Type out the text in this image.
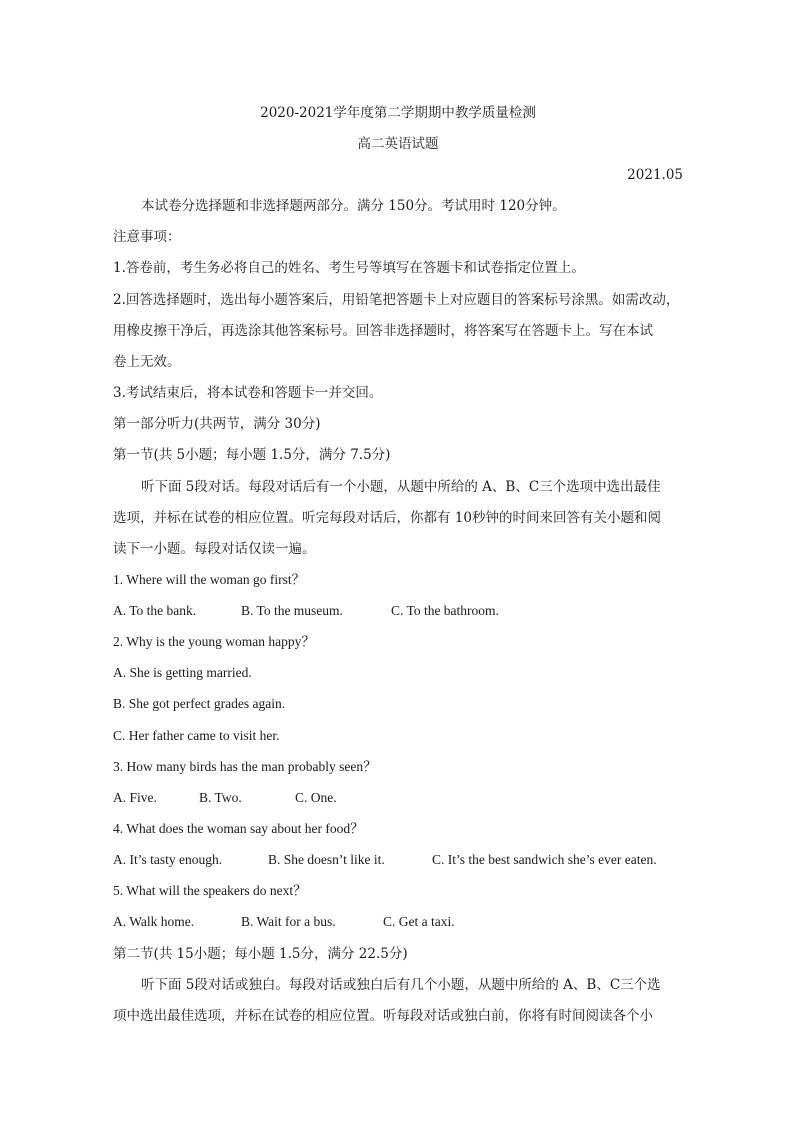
2020-2021学年度第二学期期中教学质量检测
高二英语试题
2021.05
本试卷分选择题和非选择题两部分。满分 150分。考试用时 120分钟。
注意事项：
1.答卷前，考生务必将自己的姓名、考生号等填写在答题卡和试卷指定位置上。
2.回答选择题时，选出每小题答案后，用铅笔把答题卡上对应题目的答案标号涂黑。如需改动，
用橡皮擦干净后，再选涂其他答案标号。回答非选择题时，将答案写在答题卡上。写在本试
卷上无效。
3.考试结束后，将本试卷和答题卡一并交回。
第一部分听力(共两节，满分 30分)
第一节(共 5小题；每小题 1.5分，满分 7.5分)
听下面 5段对话。每段对话后有一个小题，从题中所给的 A、B、C三个选项中选出最佳
选项，并标在试卷的相应位置。听完每段对话后，你都有 10秒钟的时间来回答有关小题和阅
读下一小题。每段对话仅读一遍。
1. Where will the woman go first？
A. To the bank.	B. To the museum.	C. To the bathroom.
2. Why is the young woman happy？
A. She is getting married.
B. She got perfect grades again.
C. Her father came to visit her.
3. How many birds has the man probably seen？
A. Five.	B. Two.	C. One.
4. What does the woman say about her food？
A. It’s tasty enough.	B. She doesn’t like it.	C. It’s the best sandwich she’s ever eaten.
5. What will the speakers do next？
A. Walk home.	B. Wait for a bus.	C. Get a taxi.
第二节(共 15小题；每小题 1.5分，满分 22.5分)
听下面 5段对话或独白。每段对话或独白后有几个小题，从题中所给的 A、B、C三个选
项中选出最佳选项，并标在试卷的相应位置。听每段对话或独白前，你将有时间阅读各个小
